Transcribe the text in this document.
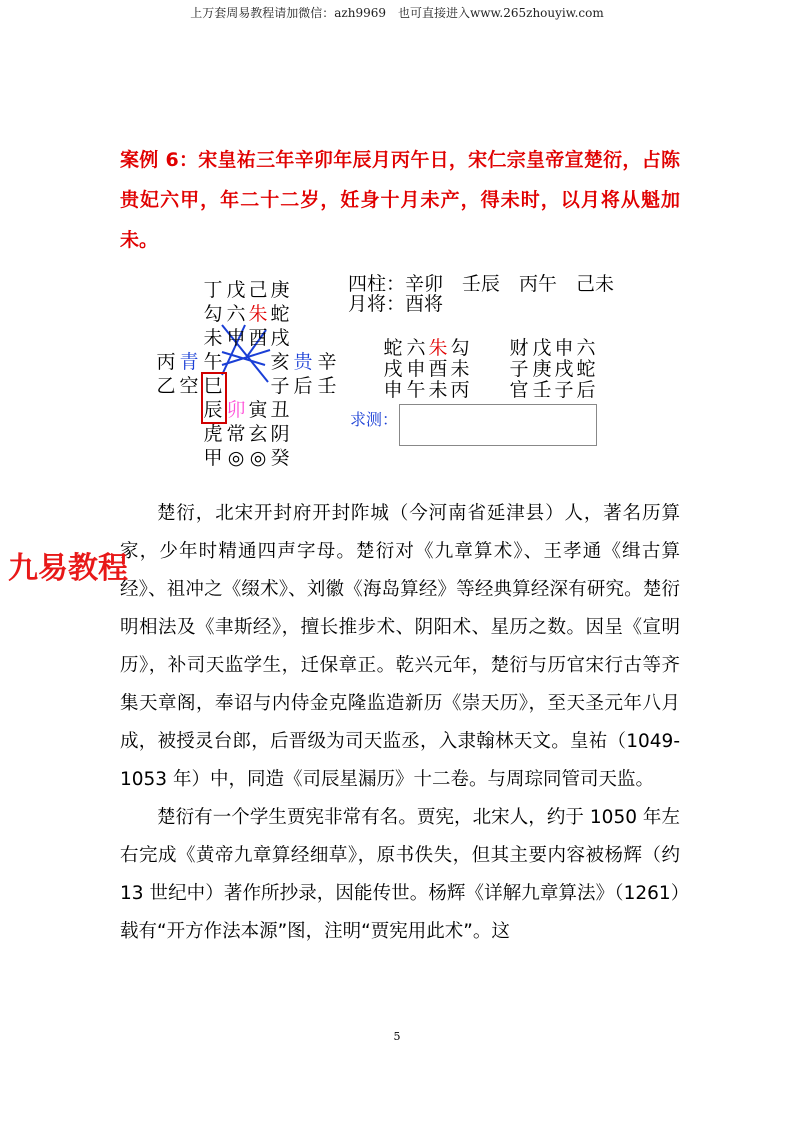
上万套周易教程请加微信：azh9969　也可直接进入www.265zhouyiw.com

案例 6：宋皇祐三年辛卯年辰月丙午日，宋仁宗皇帝宣楚衍，占陈贵妃六甲，年二十二岁，妊身十月未产，得未时，以月将从魁加未。

丁 戊 己 庚
勾 六 朱 蛇
未 申 酉 戌
丙 青 午
乙 空 巳
辰
亥 贵 辛
子 后 壬
卯 寅 丑
虎 常 玄 阴
甲 ◎ ◎ 癸
四柱：辛卯　壬辰　丙午　己未
月将：酉将
蛇
戌
申
六
申
午
朱
酉
未
勾
未
丙
财
子
官
戊
庚
壬
申
戌
子
六
蛇
后
求测：

楚衍，北宋开封府开封阼城（今河南省延津县）人，著名历算家，少年时精通四声字母。楚衍对《九章算术》、王孝通《缉古算经》、祖冲之《缀术》、刘徽《海岛算经》等经典算经深有研究。楚衍明相法及《聿斯经》，擅长推步术、阴阳术、星历之数。因呈《宣明历》，补司天监学生，迁保章正。乾兴元年，楚衍与历官宋行古等齐集天章阁，奉诏与内侍金克隆监造新历《崇天历》，至天圣元年八月成，被授灵台郎，后晋级为司天监丞，入隶翰林天文。皇祐（1049-1053 年）中，同造《司辰星漏历》十二卷。与周琮同管司天监。

楚衍有一个学生贾宪非常有名。贾宪，北宋人，约于 1050 年左右完成《黄帝九章算经细草》，原书佚失，但其主要内容被杨辉（约 13 世纪中）著作所抄录，因能传世。杨辉《详解九章算法》（1261）载有“开方作法本源”图，注明“贾宪用此术”。这

九易教程
5
